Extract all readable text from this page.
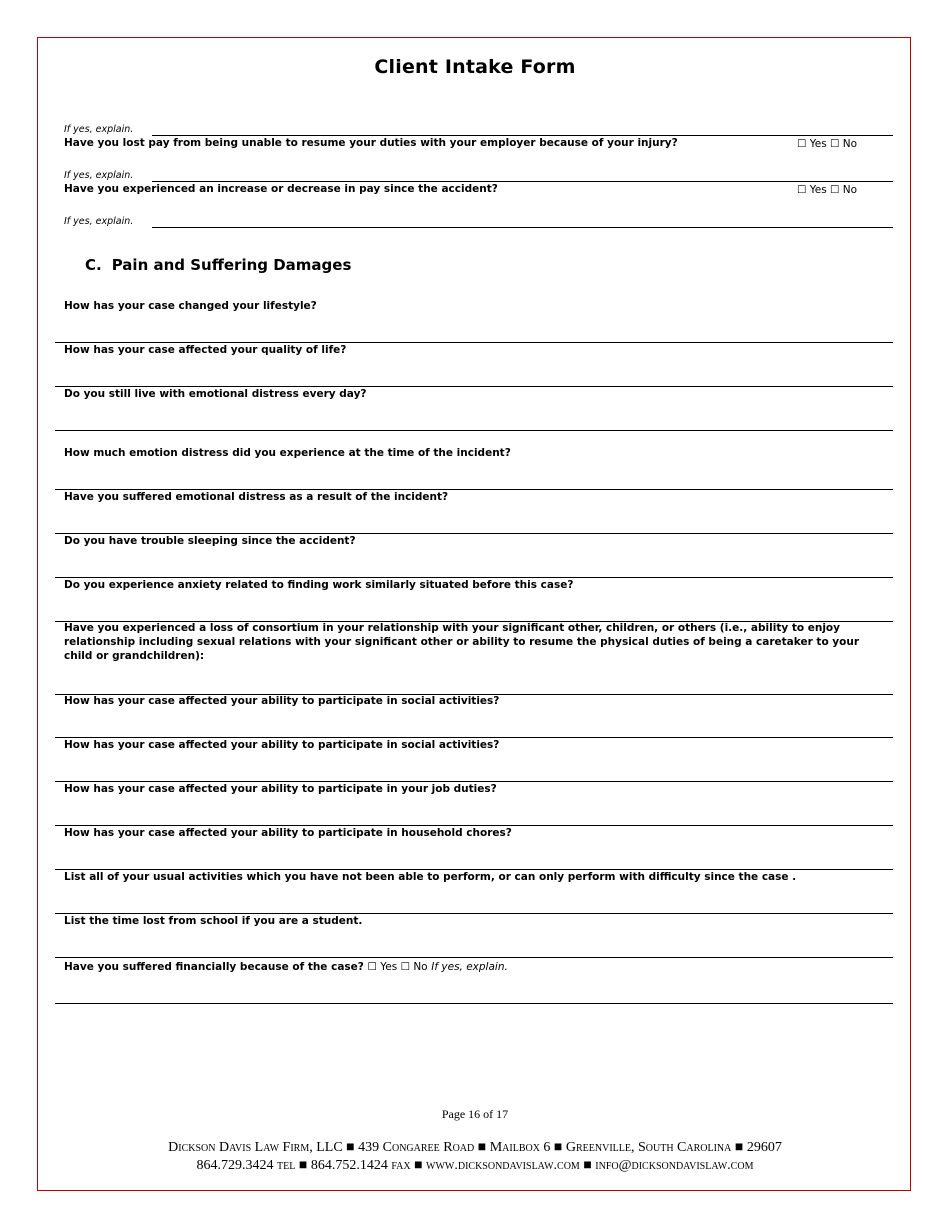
Client Intake Form
If yes, explain.
Have you lost pay from being unable to resume your duties with your employer because of your injury?	☐ Yes ☐ No
If yes, explain.
Have you experienced an increase or decrease in pay since the accident?	☐ Yes ☐ No
If yes, explain.
C. Pain and Suffering Damages
How has your case changed your lifestyle?
How has your case affected your quality of life?
Do you still live with emotional distress every day?
How much emotion distress did you experience at the time of the incident?
Have you suffered emotional distress as a result of the incident?
Do you have trouble sleeping since the accident?
Do you experience anxiety related to finding work similarly situated before this case?
Have you experienced a loss of consortium in your relationship with your significant other, children, or others (i.e., ability to enjoy relationship including sexual relations with your significant other or ability to resume the physical duties of being a caretaker to your child or grandchildren):
How has your case affected your ability to participate in social activities?
How has your case affected your ability to participate in social activities?
How has your case affected your ability to participate in your job duties?
How has your case affected your ability to participate in household chores?
List all of your usual activities which you have not been able to perform, or can only perform with difficulty since the case .
List the time lost from school if you are a student.
Have you suffered financially because of the case? ☐ Yes ☐ No If yes, explain.
Page 16 of 17
Dickson Davis Law Firm, LLC ■ 439 Congaree Road ■ Mailbox 6 ■ Greenville, South Carolina ■ 29607
864.729.3424 tel ■ 864.752.1424 fax ■ www.dicksondavislaw.com ■ info@dicksondavislaw.com
